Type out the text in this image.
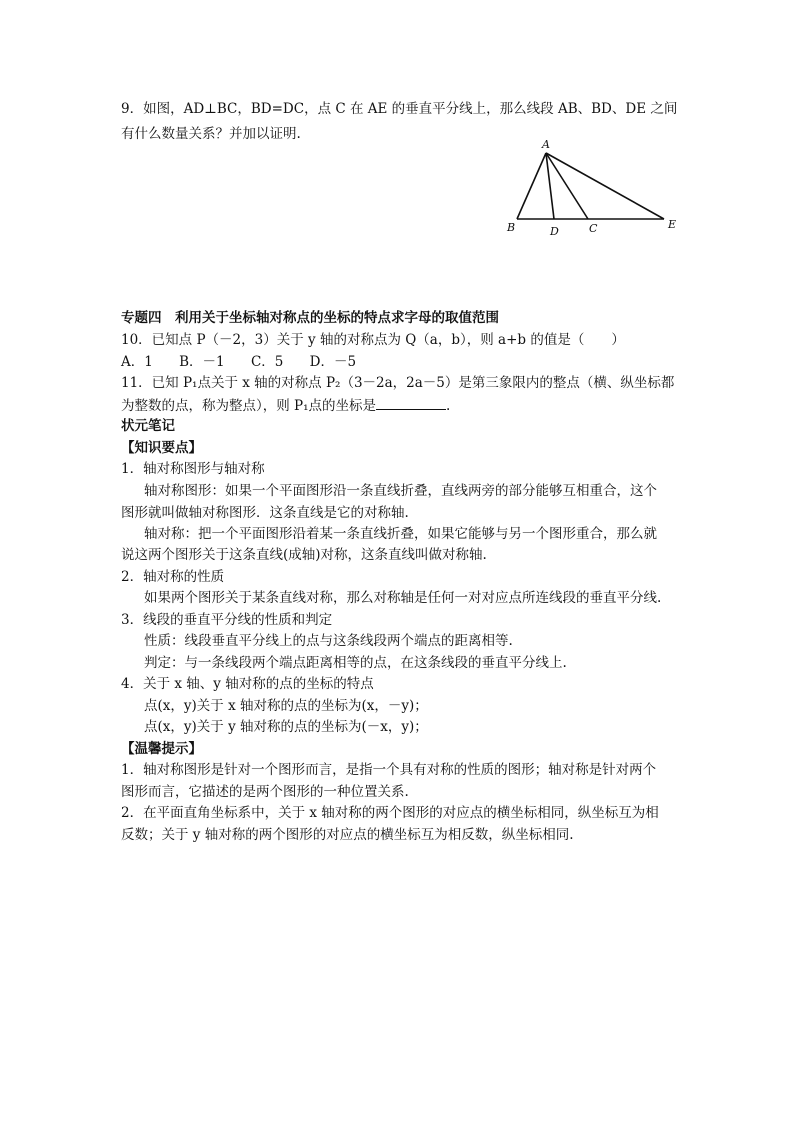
9．如图，AD⊥BC，BD=DC，点 C 在 AE 的垂直平分线上，那么线段 AB、BD、DE 之间
有什么数量关系？并加以证明.
A
B	D	C	E
专题四　利用关于坐标轴对称点的坐标的特点求字母的取值范围
10．已知点 P（－2，3）关于 y 轴的对称点为 Q（a，b），则 a+b 的值是（　　）
A．1 B．－1 C．5 D．－5
11．已知 P₁点关于 x 轴的对称点 P₂（3－2a，2a－5）是第三象限内的整点（横、纵坐标都
为整数的点，称为整点），则 P₁点的坐标是	.
状元笔记
【知识要点】
1．轴对称图形与轴对称
轴对称图形：如果一个平面图形沿一条直线折叠，直线两旁的部分能够互相重合，这个
图形就叫做轴对称图形．这条直线是它的对称轴.
轴对称：把一个平面图形沿着某一条直线折叠，如果它能够与另一个图形重合，那么就
说这两个图形关于这条直线(成轴)对称，这条直线叫做对称轴.
2．轴对称的性质
如果两个图形关于某条直线对称，那么对称轴是任何一对对应点所连线段的垂直平分线.
3．线段的垂直平分线的性质和判定
性质：线段垂直平分线上的点与这条线段两个端点的距离相等.
判定：与一条线段两个端点距离相等的点，在这条线段的垂直平分线上.
4．关于 x 轴、y 轴对称的点的坐标的特点
点(x，y)关于 x 轴对称的点的坐标为(x，－y)；
点(x，y)关于 y 轴对称的点的坐标为(－x，y)；
【温馨提示】
1．轴对称图形是针对一个图形而言，是指一个具有对称的性质的图形；轴对称是针对两个
图形而言，它描述的是两个图形的一种位置关系.
2．在平面直角坐标系中，关于 x 轴对称的两个图形的对应点的横坐标相同，纵坐标互为相
反数；关于 y 轴对称的两个图形的对应点的横坐标互为相反数，纵坐标相同.
